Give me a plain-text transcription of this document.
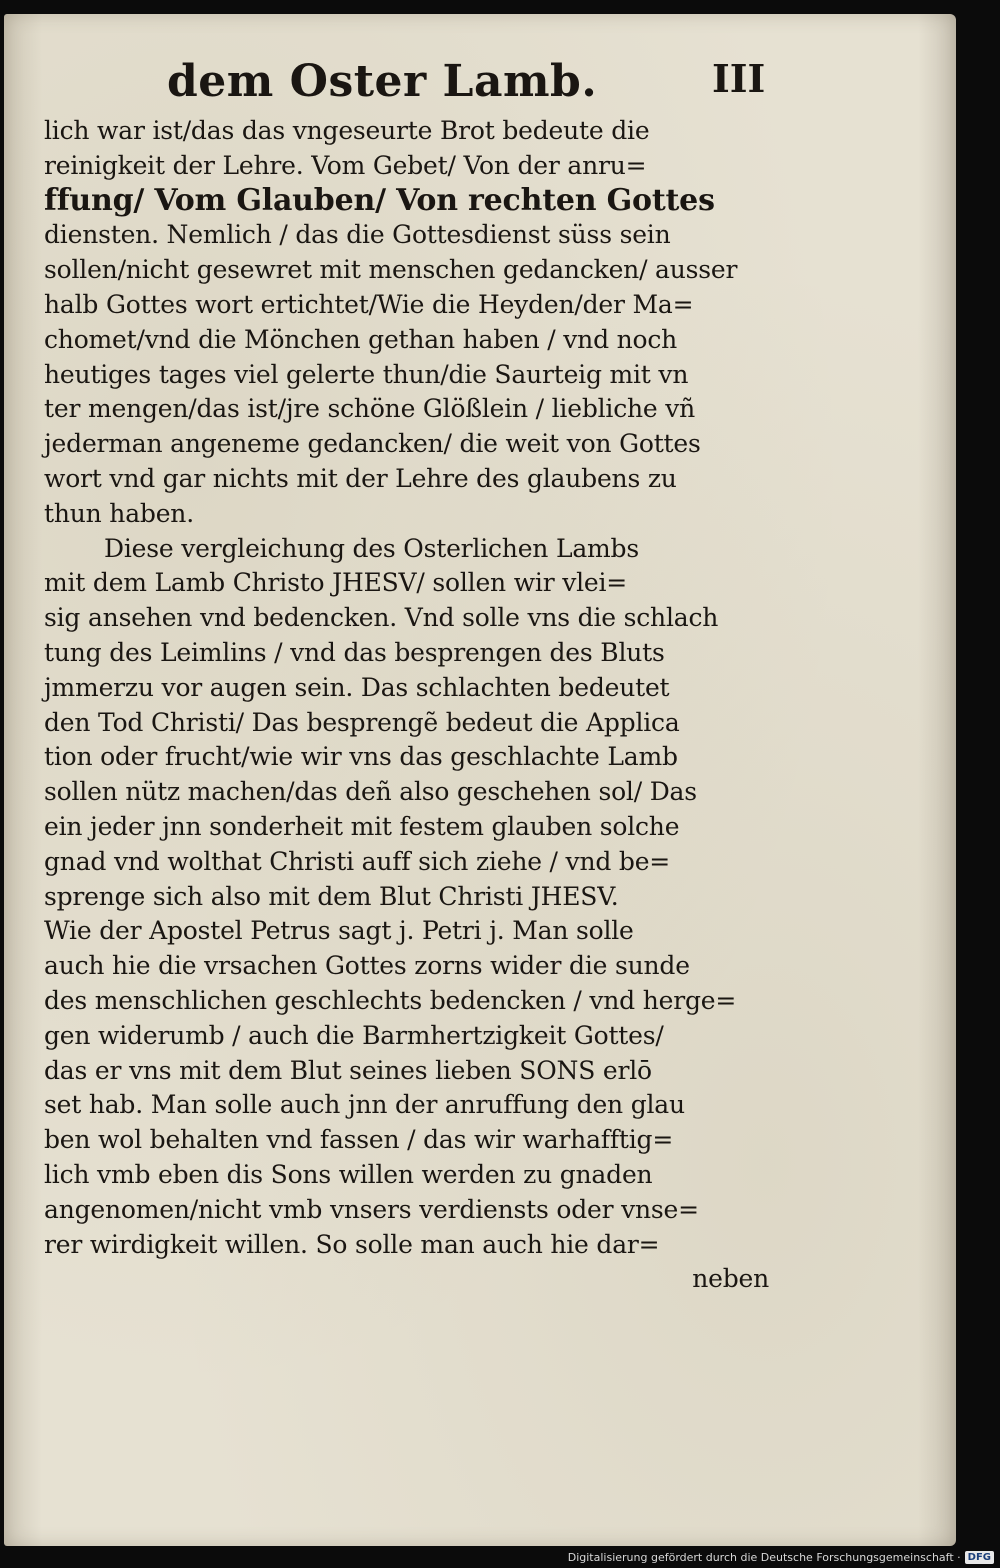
dem Oster Lamb.	III
lich war ist/das das vngeseurte Brot bedeute die
reinigkeit der Lehre. Vom Gebet/ Von der anru=
ffung/ Vom Glauben/ Von rechten Gottes
diensten. Nemlich / das die Gottesdienst süss sein
sollen/nicht gesewret mit menschen gedancken/ ausser
halb Gottes wort ertichtet/Wie die Heyden/der Ma=
chomet/vnd die Mönchen gethan haben / vnd noch
heutiges tages viel gelerte thun/die Saurteig mit vn
ter mengen/das ist/jre schöne Glößlein / liebliche vñ
jederman angeneme gedancken/ die weit von Gottes
wort vnd gar nichts mit der Lehre des glaubens zu
thun haben.
Diese vergleichung des Osterlichen Lambs
mit dem Lamb Christo JHESV/ sollen wir vlei=
sig ansehen vnd bedencken. Vnd solle vns die schlach
tung des Leimlins / vnd das besprengen des Bluts
jmmerzu vor augen sein. Das schlachten bedeutet
den Tod Christi/ Das besprengẽ bedeut die Applica
tion oder frucht/wie wir vns das geschlachte Lamb
sollen nütz machen/das deñ also geschehen sol/ Das
ein jeder jnn sonderheit mit festem glauben solche
gnad vnd wolthat Christi auff sich ziehe / vnd be=
sprenge sich also mit dem Blut Christi JHESV.
Wie der Apostel Petrus sagt j. Petri j. Man solle
auch hie die vrsachen Gottes zorns wider die sunde
des menschlichen geschlechts bedencken / vnd herge=
gen widerumb / auch die Barmhertzigkeit Gottes/
das er vns mit dem Blut seines lieben SONS erlō
set hab. Man solle auch jnn der anruffung den glau
ben wol behalten vnd fassen / das wir warhafftig=
lich vmb eben dis Sons willen werden zu gnaden
angenomen/nicht vmb vnsers verdiensts oder vnse=
rer wirdigkeit willen. So solle man auch hie dar=
neben
Digitalisierung gefördert durch die Deutsche Forschungsgemeinschaft · DFG
